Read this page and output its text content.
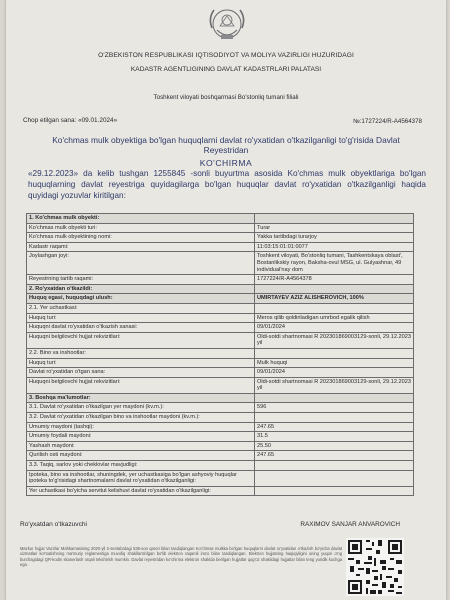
O'ZBEKISTON RESPUBLIKASI IQTISODIYOT VA MOLIYA VAZIRLIGI HUZURIDAGI
KADASTR AGENTLIGINING DAVLAT KADASTRLARI PALATASI
Toshkent viloyati boshqarmasi Bo'stonliq tumani filiali
Chop etilgan sana: «09.01.2024»	№:1727224/R-A4564378
Ko'chmas mulk obyektiga bo'lgan huquqlarni davlat ro'yxatidan o'tkazilganligi to'g'risida Davlat Reyestridan
KO'CHIRMA
«29.12.2023» da kelib tushgan 1255845 -sonli buyurtma asosida Ko'chmas mulk obyektlariga bo'lgan huquqlarning davlat reyestriga quyidagilarga bo'lgan huquqlar davlat ro'yxatidan o'tkazilganligi haqida quyidagi yozuvlar kiritilgan:
1. Ko'chmas mulk obyekti:	
Ko'chmas mulk obyekti turi:	Turar
Ko'chmas mulk obyektining nomi:	Yakka tartibdagi turarjoy
Kadastr raqami:	11:03:15:01:01:0077
Joylashgan joyi:	Toshkent viloyati, Bo'stonliq tumani, Tashkentskaya oblast', Bostanlikskiy rayon, Baksha-ovul MSG, ul. Gulyashnar, 49 individual'nay dom
Reyestrning tartib raqami:	1727224/R-A4564378
2. Ro'yxatdan o'tkazildi:	
Huquq egasi, huquqdagi ulush:	UMIRTAYEV AZIZ ALISHEROVICH, 100%
2.1. Yer uchastkasi:	
Huquq turi:	Meros qilib qoldiriladigan umrbod egalik qilish
Huquqni davlat ro'yxatidan o'tkazish sanasi:	09/01/2024
Huquqni belgilovchi hujjat rekvizitlari:	Oldi-sotdi shartnomasi R 202301869003129-sonli, 29.12.2023 yil
2.2. Bino va inshootlar:	
Huquq turi:	Mulk huquqi
Davlat ro'yxatidan o'tgan sana:	09/01/2024
Huquqni belgilovchi hujjat rekvizitlari:	Oldi-sotdi shartnomasi R 202301869003129-sonli, 29.12.2023 yil
3. Boshqa ma'lumotlar:	
3.1. Davlat ro'yxatidan o'tkazilgan yer maydoni (kv.m.):	596
3.2. Davlat ro'yxatidan o'tkazilgan bino va inshootlar maydoni (kv.m.):	
Umumiy maydoni (tashqi):	247.65
Umumiy foydali maydoni:	31.5
Yashash maydoni:	25.50
Qurilish osti maydoni:	247.65
3.3. Taqiq, sarlov yoki cheklovlar mavjudligi:	
Ipoteka, bino va inshootlar, shuningdek, yer uchastkasiga bo'lgan ashyoviy huquqlar ipoteka to'g'risidagi shartnomalarni davlat ro'yxatidan o'tkazilganligi:	
Yer uchastkasi bo'yicha servitut kelishuvi davlat ro'yxatidan o'tkazilganligi:	
Ro'yxatdan o'tkazuvchi	RAXIMOV SANJAR ANVAROVICH
Mazkur hujjat Vazirlar Mahkamasining 2020-yil 2-sentabrdagi 535-son qarori bilan tasdiqlangan Ko'chmas mulkka bo'lgan huquqlarni davlat ro'yxatidan o'tkazish bo'yicha davlat xizmatlari ko'rsatishning ma'muriy reglamentiga muvofiq shakllantirilgan bo'lib elektron raqamli imzo bilan tasdiqlangan. Elektron hujjatning haqiqiyligini uning yuqori o'ng burchagidagi QR-kodni skanerlash orqali tekshirish mumkin. Davlat reyestridan ko'chirma elektron shaklda berilgan hujjatlar qog'oz shaklidagi hujjatlar bilan teng yuridik kuchga ega.
